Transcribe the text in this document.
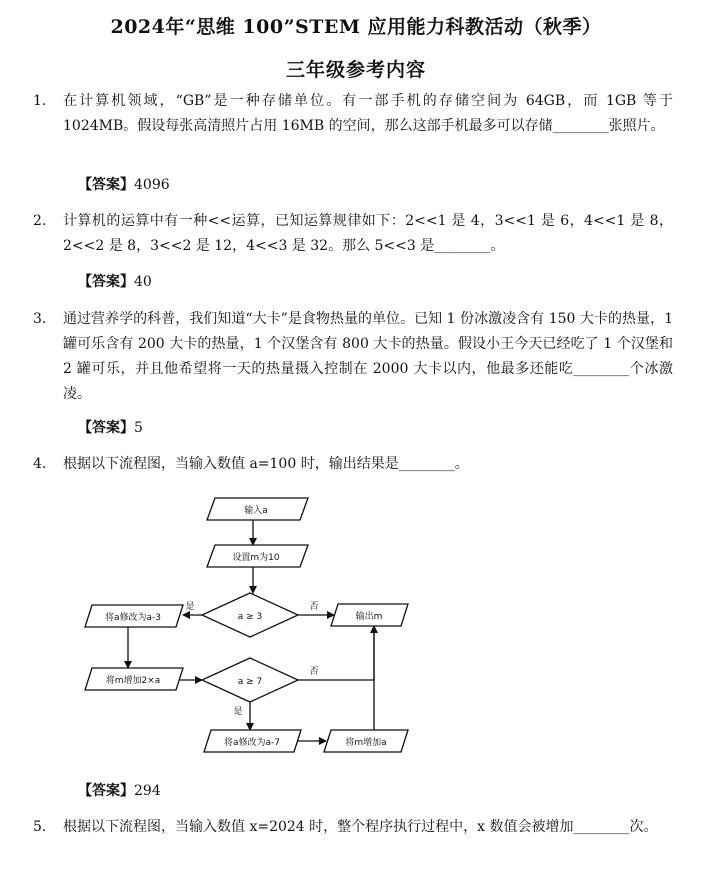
2024年“思维 100”STEM 应用能力科教活动（秋季）
三年级参考内容
1.	在计算机领域，“GB”是一种存储单位。有一部手机的存储空间为 64GB，而 1GB 等于 1024MB。假设每张高清照片占用 16MB 的空间，那么这部手机最多可以存储________张照片。
【答案】4096
2.	计算机的运算中有一种<<运算，已知运算规律如下：2<<1 是 4，3<<1 是 6，4<<1 是 8，2<<2 是 8，3<<2 是 12，4<<3 是 32。那么 5<<3 是________。
【答案】40
3.	通过营养学的科普，我们知道“大卡”是食物热量的单位。已知 1 份冰激凌含有 150 大卡的热量，1 罐可乐含有 200 大卡的热量，1 个汉堡含有 800 大卡的热量。假设小王今天已经吃了 1 个汉堡和 2 罐可乐，并且他希望将一天的热量摄入控制在 2000 大卡以内，他最多还能吃________个冰激凌。
【答案】5
4.	根据以下流程图，当输入数值 a=100 时，输出结果是________。
输入a
设置m为10
a ≥ 3
是	否
输出m
将a修改为a-3
将m增加2×a	a ≥ 7
否
是
将a修改为a-7	将m增加a
【答案】294
5.	根据以下流程图，当输入数值 x=2024 时，整个程序执行过程中，x 数值会被增加________次。
